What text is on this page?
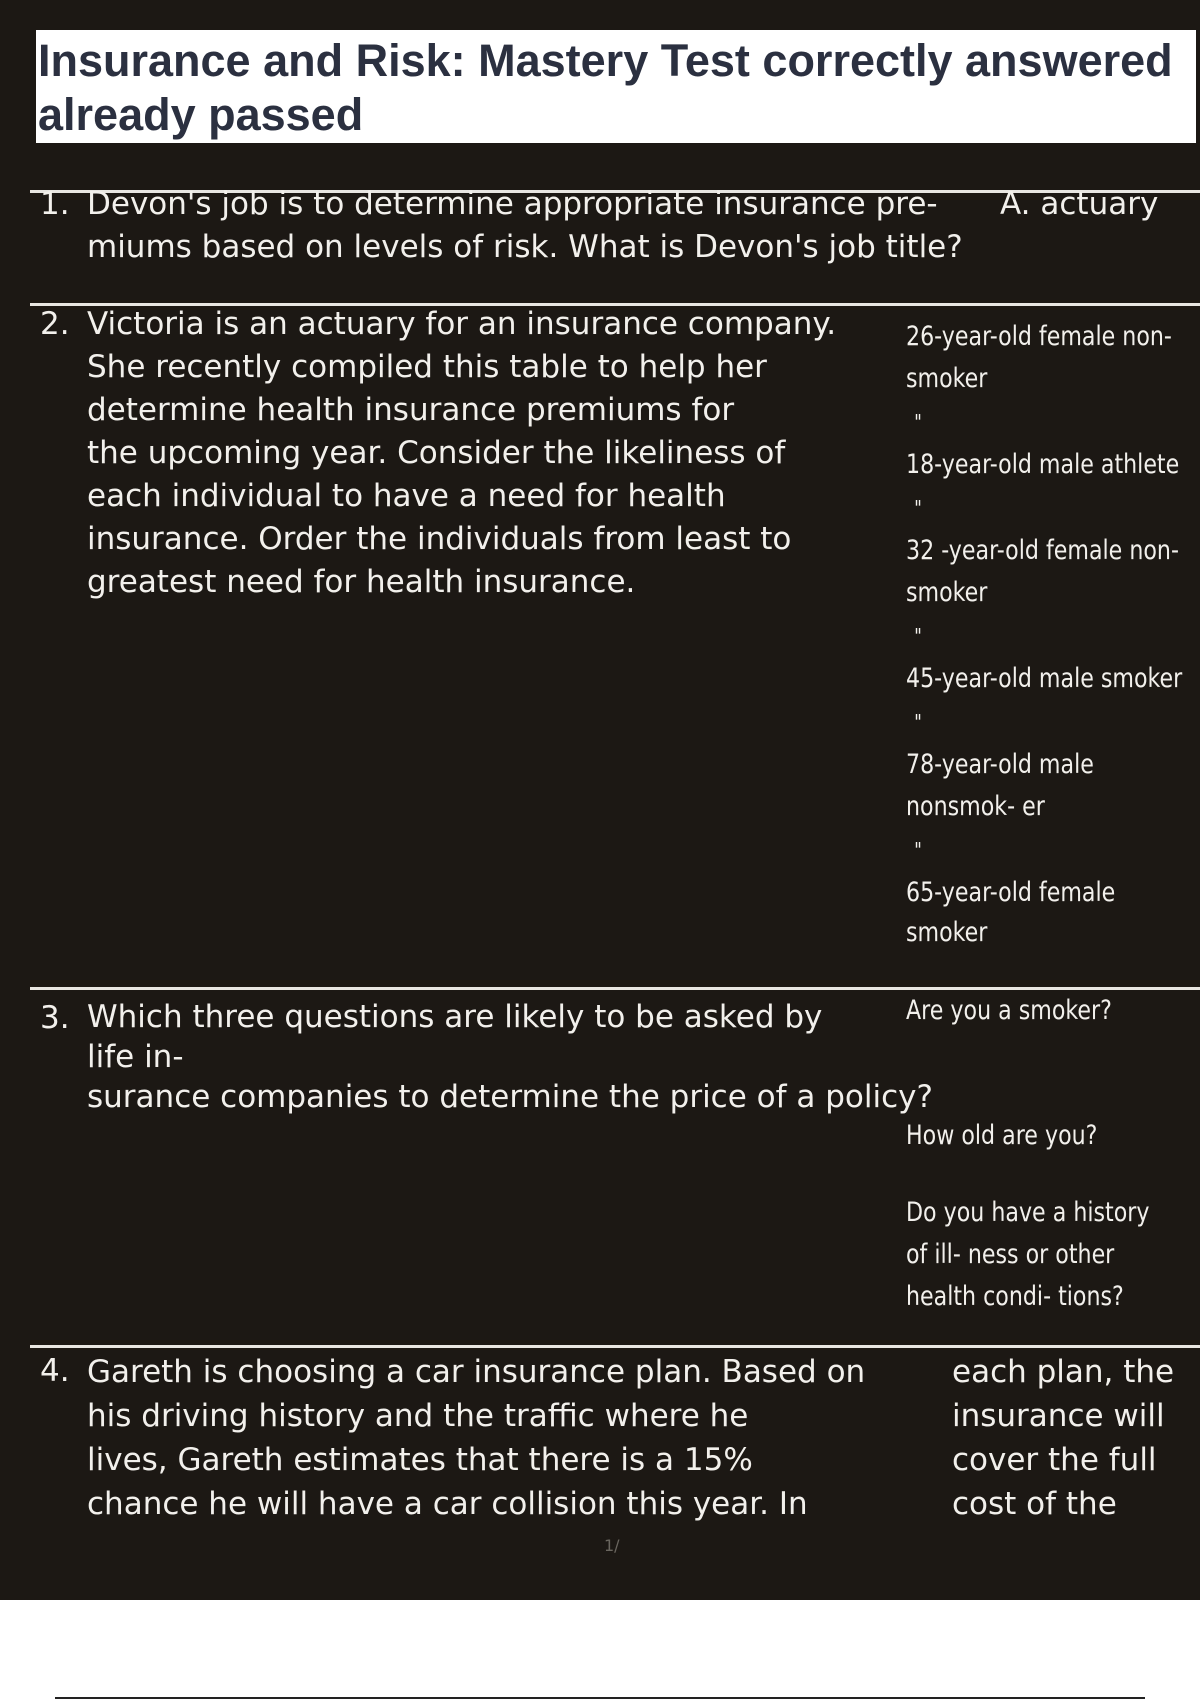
Insurance and Risk: Mastery Test correctly answered already passed
1. Devon's job is to determine appropriate insurance pre-
miums based on levels of risk. What is Devon's job title?
A. actuary
2. Victoria is an actuary for an insurance company.
She recently compiled this table to help her
determine health insurance premiums for
the upcoming year. Consider the likeliness of
each individual to have a need for health
insurance. Order the individuals from least to
greatest need for health insurance.
26-year-old female non-
smoker
"
18-year-old male athlete
"
32 -year-old female non-
smoker
"
45-year-old male smoker
"
78-year-old male
nonsmok- er
"
65-year-old female
smoker
3. Which three questions are likely to be asked by
life in-
surance companies to determine the price of a policy?
Are you a smoker?
How old are you?
Do you have a history
of ill- ness or other
health condi- tions?
4. Gareth is choosing a car insurance plan. Based on
his driving history and the traffic where he
lives, Gareth estimates that there is a 15%
chance he will have a car collision this year. In
each plan, the
insurance will
cover the full
cost of the
1/
